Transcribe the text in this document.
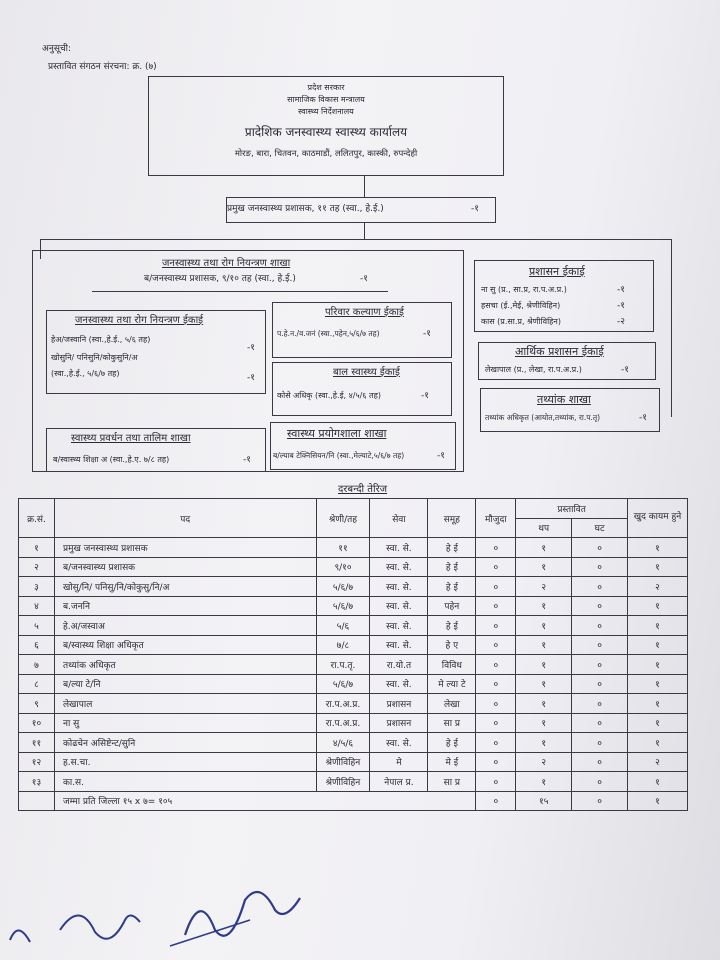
अनुसूची:
प्रस्तावित संगठन संरचना: क्र. (७)
प्रदेश सरकार
सामाजिक विकास मन्त्रालय
स्वास्थ्य निर्देशनालय
प्रादेशिक जनस्वास्थ्य स्वास्थ्य कार्यालय
मोरङ, बारा, चितवन, काठमाडौं, ललितपुर, कास्की, रुपन्देही
प्रमुख जनस्वास्थ्य प्रशासक, ११ तह (स्वा., हे.ई.)	-१
जनस्वास्थ्य तथा रोग नियन्त्रण शाखा
ब/जनस्वास्थ्य प्रशासक, ९/१० तह (स्वा., हे.ई.)	-१
जनस्वास्थ्य तथा रोग नियन्त्रण ईकाई
हेअ/जस्वानि (स्वा.,हे.ई., ५/६ तह)
-१
खोसुनि/ पनिसुनि/कोकुसुनि/अ
(स्वा.,हे.ई., ५/६/७ तह)	-१
परिवार कल्याण ईकाई
प.हे.न./व.जनं (स्वा.,पहेन,५/६/७ तह)	-१
बाल स्वास्थ्य ईकाई
कोसे अधिकृ (स्वा.,हे.ई, ४/५/६ तह)	-१
स्वास्थ्य प्रवर्धन तथा तालिम शाखा
ब/स्वास्थ्य शिक्षा अ (स्वा.,हे.ए. ७/८ तह)	-१
स्वास्थ्य प्रयोगशाला शाखा
ब/ल्याब टेक्निसियन/नि (स्वा.,मेल्याटे,५/६/७ तह)	-१
प्रशासन ईकाई
ना सु (प्र., सा.प्र, रा.प.अ.प्र.)	-१
हसचा (ई.,मेई, श्रेणीविहिन)	-१
कास (प्र.सा.प्र, श्रेणीविहिन)	-२
आर्थिक प्रशासन ईकाई
लेखापाल (प्र., लेखा, रा.प.अ.प्र.)	-१
तथ्यांक शाखा
तथ्यांक अधिकृत (आयोत,तथ्यांक, रा.प.तृ)	-१
दरबन्दी तेरिज
क्र.सं.	पद	श्रेणी/तह	सेवा	समूह	मौजुदा	प्रस्तावित		खुद कायम हुने
						थप	घट	
१	प्रमुख जनस्वास्थ्य प्रशासक	११	स्वा. से.	हे ई	०	१	०	१
२	ब/जनस्वास्थ्य प्रशासक	९/१०	स्वा. से.	हे ई	०	१	०	१
३	खोसु/नि/ पनिसु/नि/कोकुसु/नि/अ	५/६/७	स्वा. से.	हे ई	०	२	०	२
४	ब.जननि	५/६/७	स्वा. से.	पहेन	०	१	०	१
५	हे.अ/जस्वाअ	५/६	स्वा. से.	हे ई	०	१	०	१
६	ब/स्वास्थ्य शिक्षा अधिकृत	७/८	स्वा. से.	हे ए	०	१	०	१
७	तथ्यांक अधिकृत	रा.प.तृ.	रा.यो.त	विविध	०	१	०	१
८	ब/ल्या टे/नि	५/६/७	स्वा. से.	मे ल्या टे	०	१	०	१
९	लेखापाल	रा.प.अ.प्र.	प्रशासन	लेखा	०	१	०	१
१०	ना सु	रा.प.अ.प्र.	प्रशासन	सा प्र	०	१	०	१
११	कोढचेन असिष्टेन्ट/सुनि	४/५/६	स्वा. से.	हे ई	०	१	०	१
१२	ह.स.चा.	श्रेणीविहिन	मे	मे ई	०	२	०	२
१३	का.स.	श्रेणीविहिन	नेपाल प्र.	सा प्र	०	१	०	१
	जम्मा प्रति जिल्ला १५ x ७= १०५				०	१५	०	१
